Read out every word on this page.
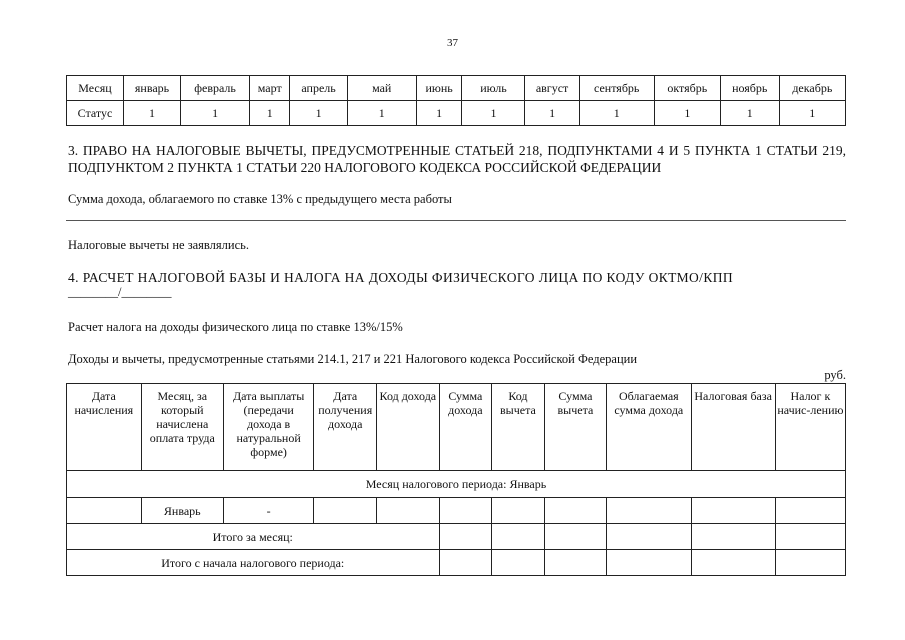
37
Месяц	январь	февраль	март	апрель	май	июнь	июль	август	сентябрь	октябрь	ноябрь	декабрь
Статус	1	1	1	1	1	1	1	1	1	1	1	1
3. ПРАВО НА НАЛОГОВЫЕ ВЫЧЕТЫ, ПРЕДУСМОТРЕННЫЕ СТАТЬЕЙ 218, ПОДПУНКТАМИ 4 И 5 ПУНКТА 1 СТАТЬИ 219, ПОДПУНКТОМ 2 ПУНКТА 1 СТАТЬИ 220 НАЛОГОВОГО КОДЕКСА РОССИЙСКОЙ ФЕДЕРАЦИИ
Сумма дохода, облагаемого по ставке 13% с предыдущего места работы
Налоговые вычеты не заявлялись.
4. РАСЧЕТ НАЛОГОВОЙ БАЗЫ И НАЛОГА НА ДОХОДЫ ФИЗИЧЕСКОГО ЛИЦА ПО КОДУ ОКТМО/КПП
________/________
Расчет налога на доходы физического лица по ставке 13%/15%
Доходы и вычеты, предусмотренные статьями 214.1, 217 и 221 Налогового кодекса Российской Федерации
руб.
Дата начисления	Месяц, за который начислена оплата труда	Дата выплаты (передачи дохода в натуральной форме)	Дата получения дохода	Код дохода	Сумма дохода	Код вычета	Сумма вычета	Облагаемая сумма дохода	Налоговая база	Налог к начис-лению
Месяц налогового периода: Январь										
	Январь	-								
Итого за месяц:										
Итого с начала налогового периода:										
